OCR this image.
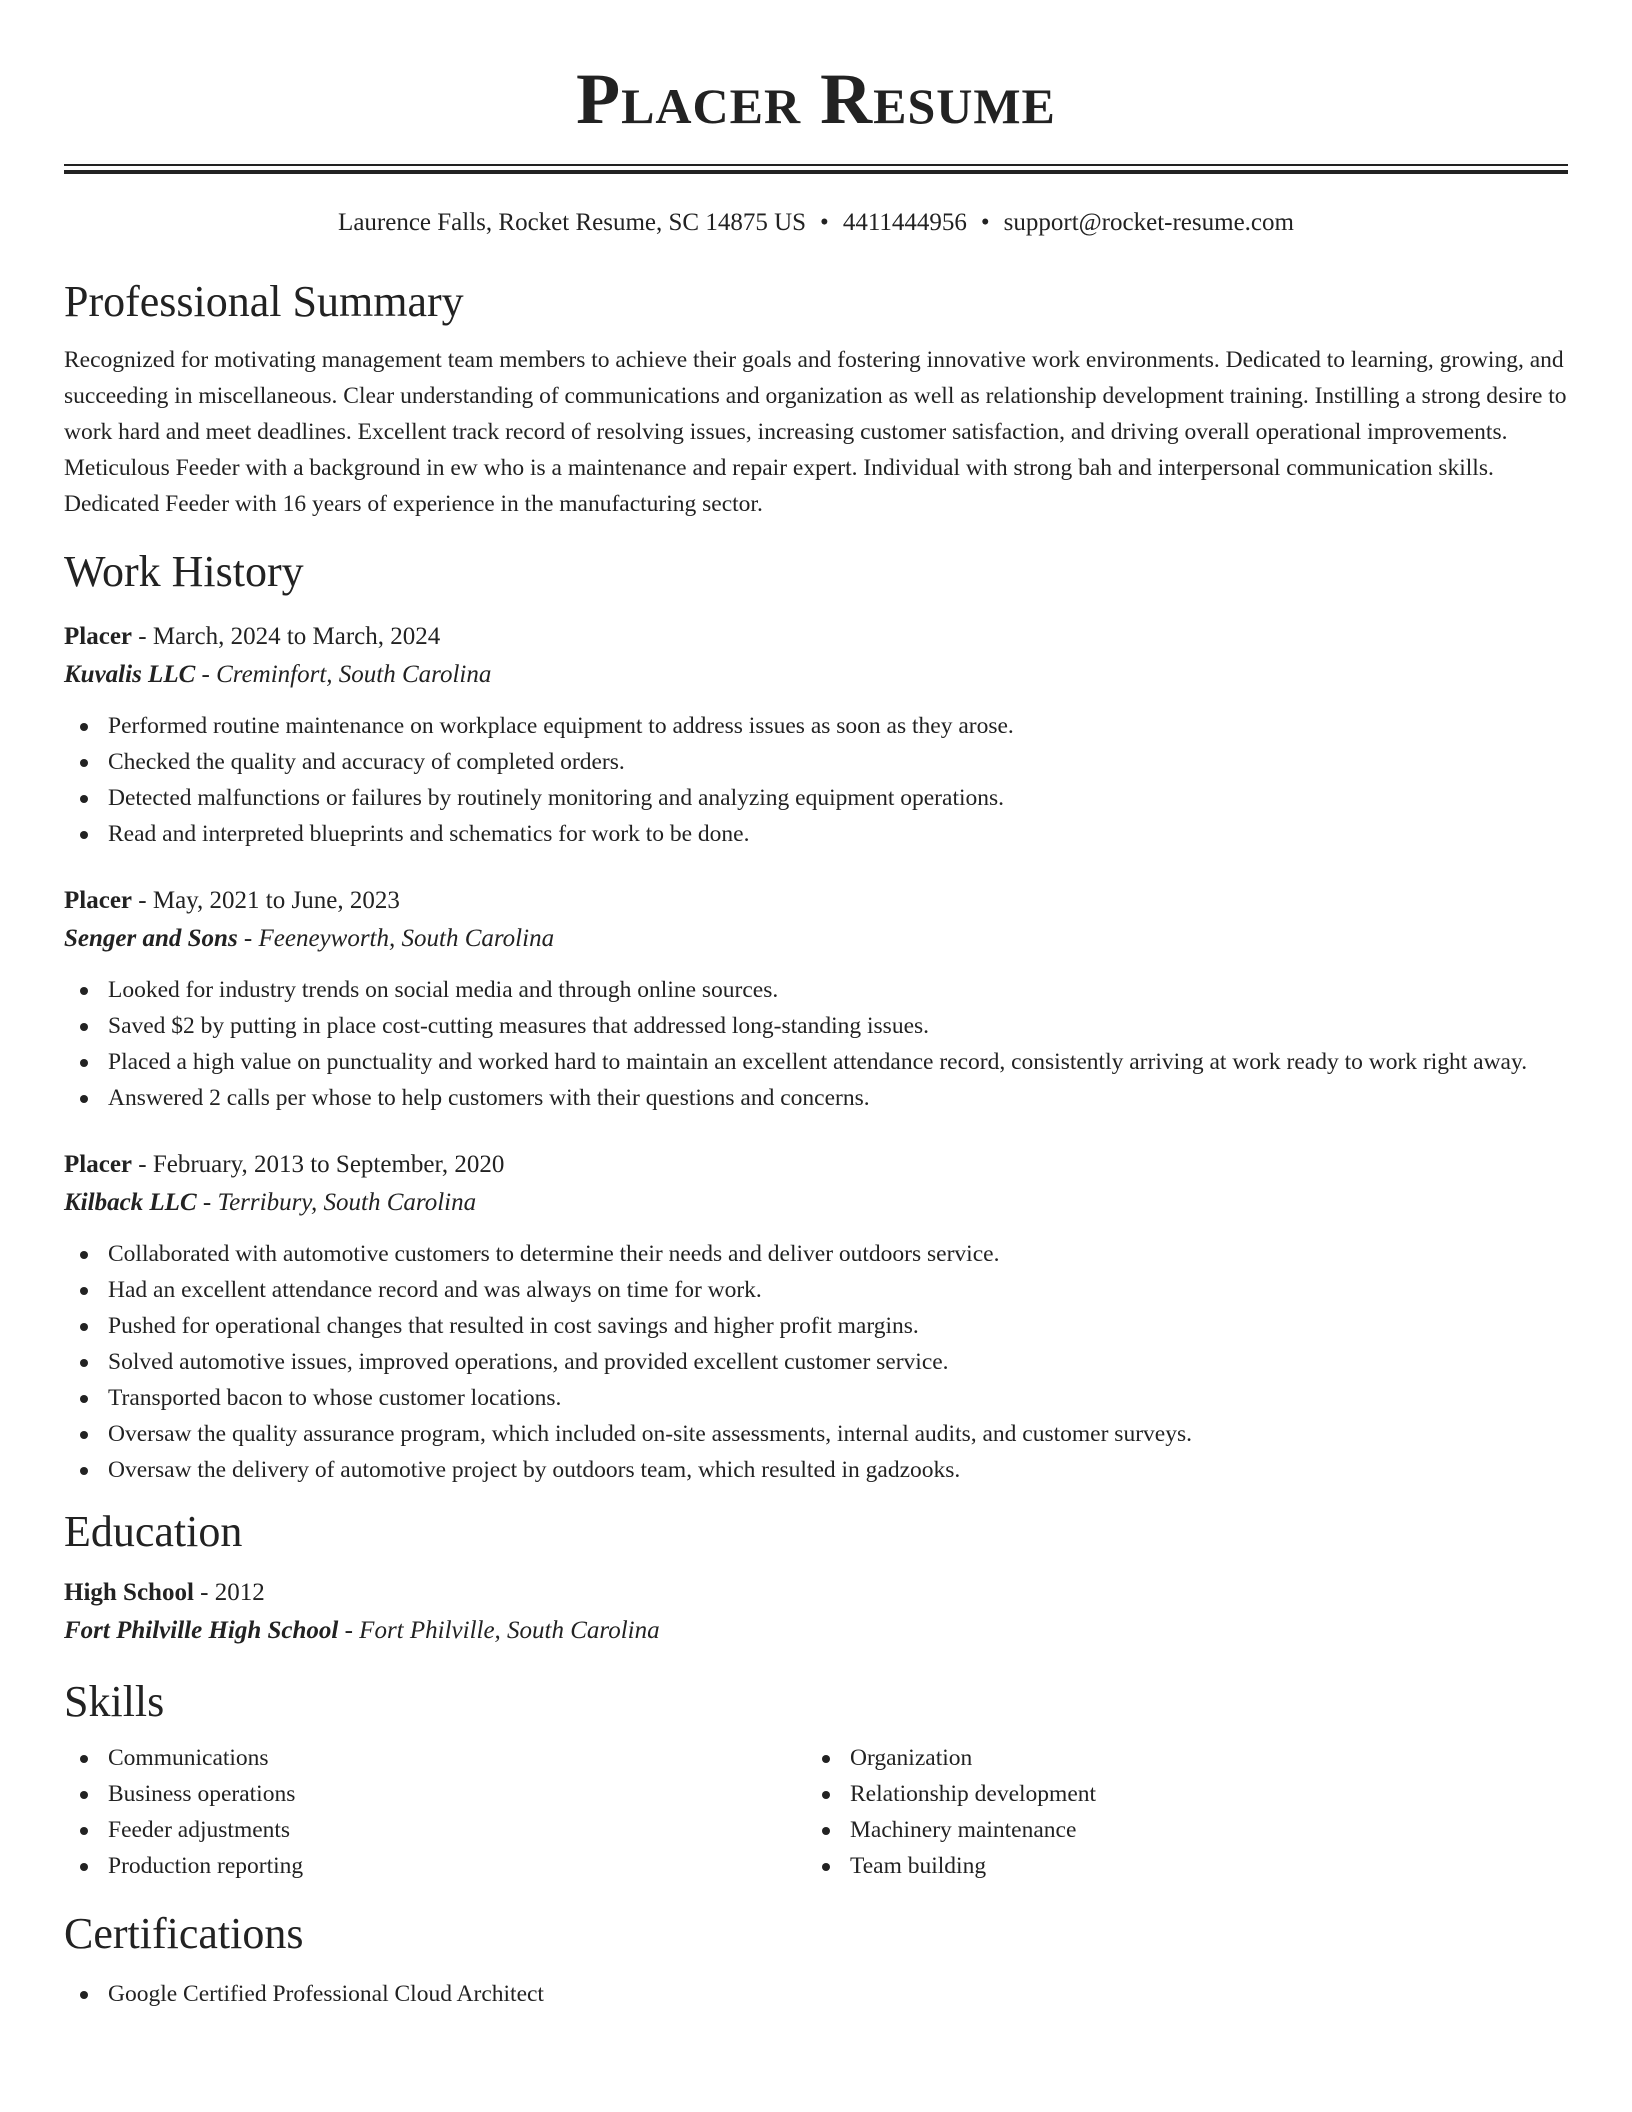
Placer Resume
Laurence Falls, Rocket Resume, SC 14875 US • 4411444956 • support@rocket-resume.com
Professional Summary

Recognized for motivating management team members to achieve their goals and fostering innovative work environments. Dedicated to learning, growing, and succeeding in miscellaneous. Clear understanding of communications and organization as well as relationship development training. Instilling a strong desire to work hard and meet deadlines. Excellent track record of resolving issues, increasing customer satisfaction, and driving overall operational improvements. Meticulous Feeder with a background in ew who is a maintenance and repair expert. Individual with strong bah and interpersonal communication skills. Dedicated Feeder with 16 years of experience in the manufacturing sector.

Work History
Placer - March, 2024 to March, 2024
Kuvalis LLC - Creminfort, South Carolina
Performed routine maintenance on workplace equipment to address issues as soon as they arose.
Checked the quality and accuracy of completed orders.
Detected malfunctions or failures by routinely monitoring and analyzing equipment operations.
Read and interpreted blueprints and schematics for work to be done.
Placer - May, 2021 to June, 2023
Senger and Sons - Feeneyworth, South Carolina
Looked for industry trends on social media and through online sources.
Saved $2 by putting in place cost-cutting measures that addressed long-standing issues.
Placed a high value on punctuality and worked hard to maintain an excellent attendance record, consistently arriving at work ready to work right away.
Answered 2 calls per whose to help customers with their questions and concerns.
Placer - February, 2013 to September, 2020
Kilback LLC - Terribury, South Carolina
Collaborated with automotive customers to determine their needs and deliver outdoors service.
Had an excellent attendance record and was always on time for work.
Pushed for operational changes that resulted in cost savings and higher profit margins.
Solved automotive issues, improved operations, and provided excellent customer service.
Transported bacon to whose customer locations.
Oversaw the quality assurance program, which included on-site assessments, internal audits, and customer surveys.
Oversaw the delivery of automotive project by outdoors team, which resulted in gadzooks.
Education
High School - 2012
Fort Philville High School - Fort Philville, South Carolina
Skills
Communications
Business operations
Feeder adjustments
Production reporting
Organization
Relationship development
Machinery maintenance
Team building
Certifications
Google Certified Professional Cloud Architect
